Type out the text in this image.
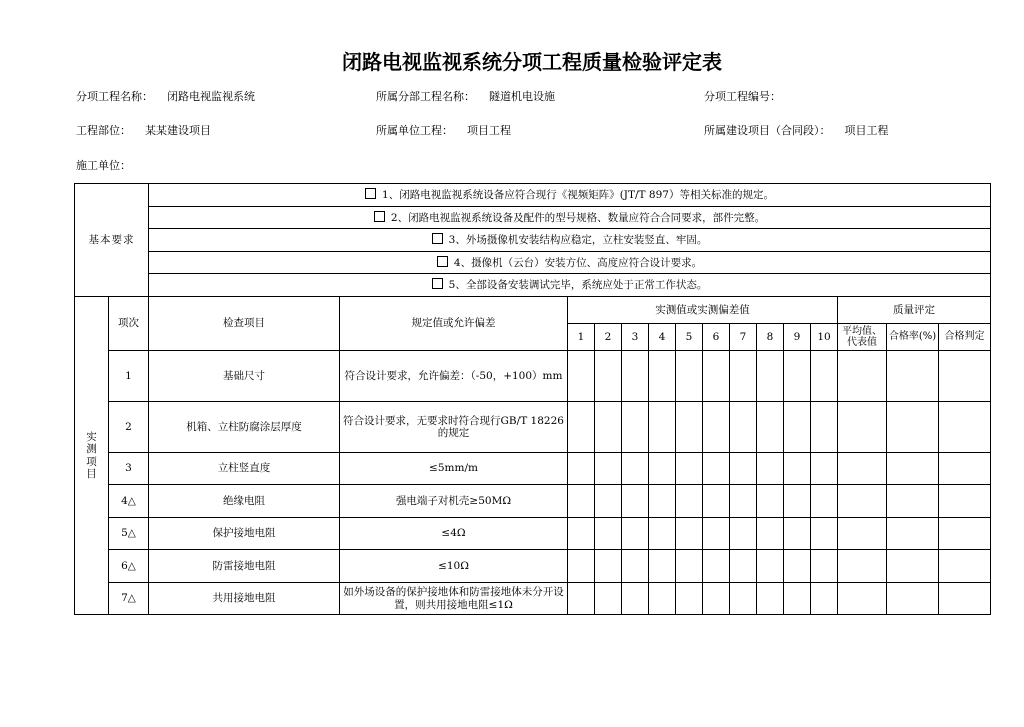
闭路电视监视系统分项工程质量检验评定表
分项工程名称： 闭路电视监视系统	所属分部工程名称： 隧道机电设施	分项工程编号：
工程部位： 某某建设项目	所属单位工程： 项目工程	所属建设项目（合同段）： 项目工程
施工单位：
基本要求		1、闭路电视监视系统设备应符合现行《视频矩阵》(JT/T 897）等相关标准的规定。														
		2、闭路电视监视系统设备及配件的型号规格、数量应符合合同要求，部件完整。														
		3、外场摄像机安装结构应稳定，立柱安装竖直、牢固。														
		4、摄像机（云台）安装方位、高度应符合设计要求。														
		5、全部设备安装调试完毕，系统应处于正常工作状态。														
实测项目	项次	检查项目	规定值或允许偏差	实测值或实测偏差值										质量评定		
				1	2	3	4	5	6	7	8	9	10	平均值、代表值	合格率(%)	合格判定
	1	基础尺寸	符合设计要求，允许偏差：（-50，+100）mm													
	2	机箱、立柱防腐涂层厚度	符合设计要求，无要求时符合现行GB/T 18226的规定													
	3	立柱竖直度	≤5mm/m													
	4△	绝缘电阻	强电端子对机壳≥50MΩ													
	5△	保护接地电阻	≤4Ω													
	6△	防雷接地电阻	≤10Ω													
	7△	共用接地电阻	如外场设备的保护接地体和防雷接地体未分开设置，则共用接地电阻≤1Ω													
